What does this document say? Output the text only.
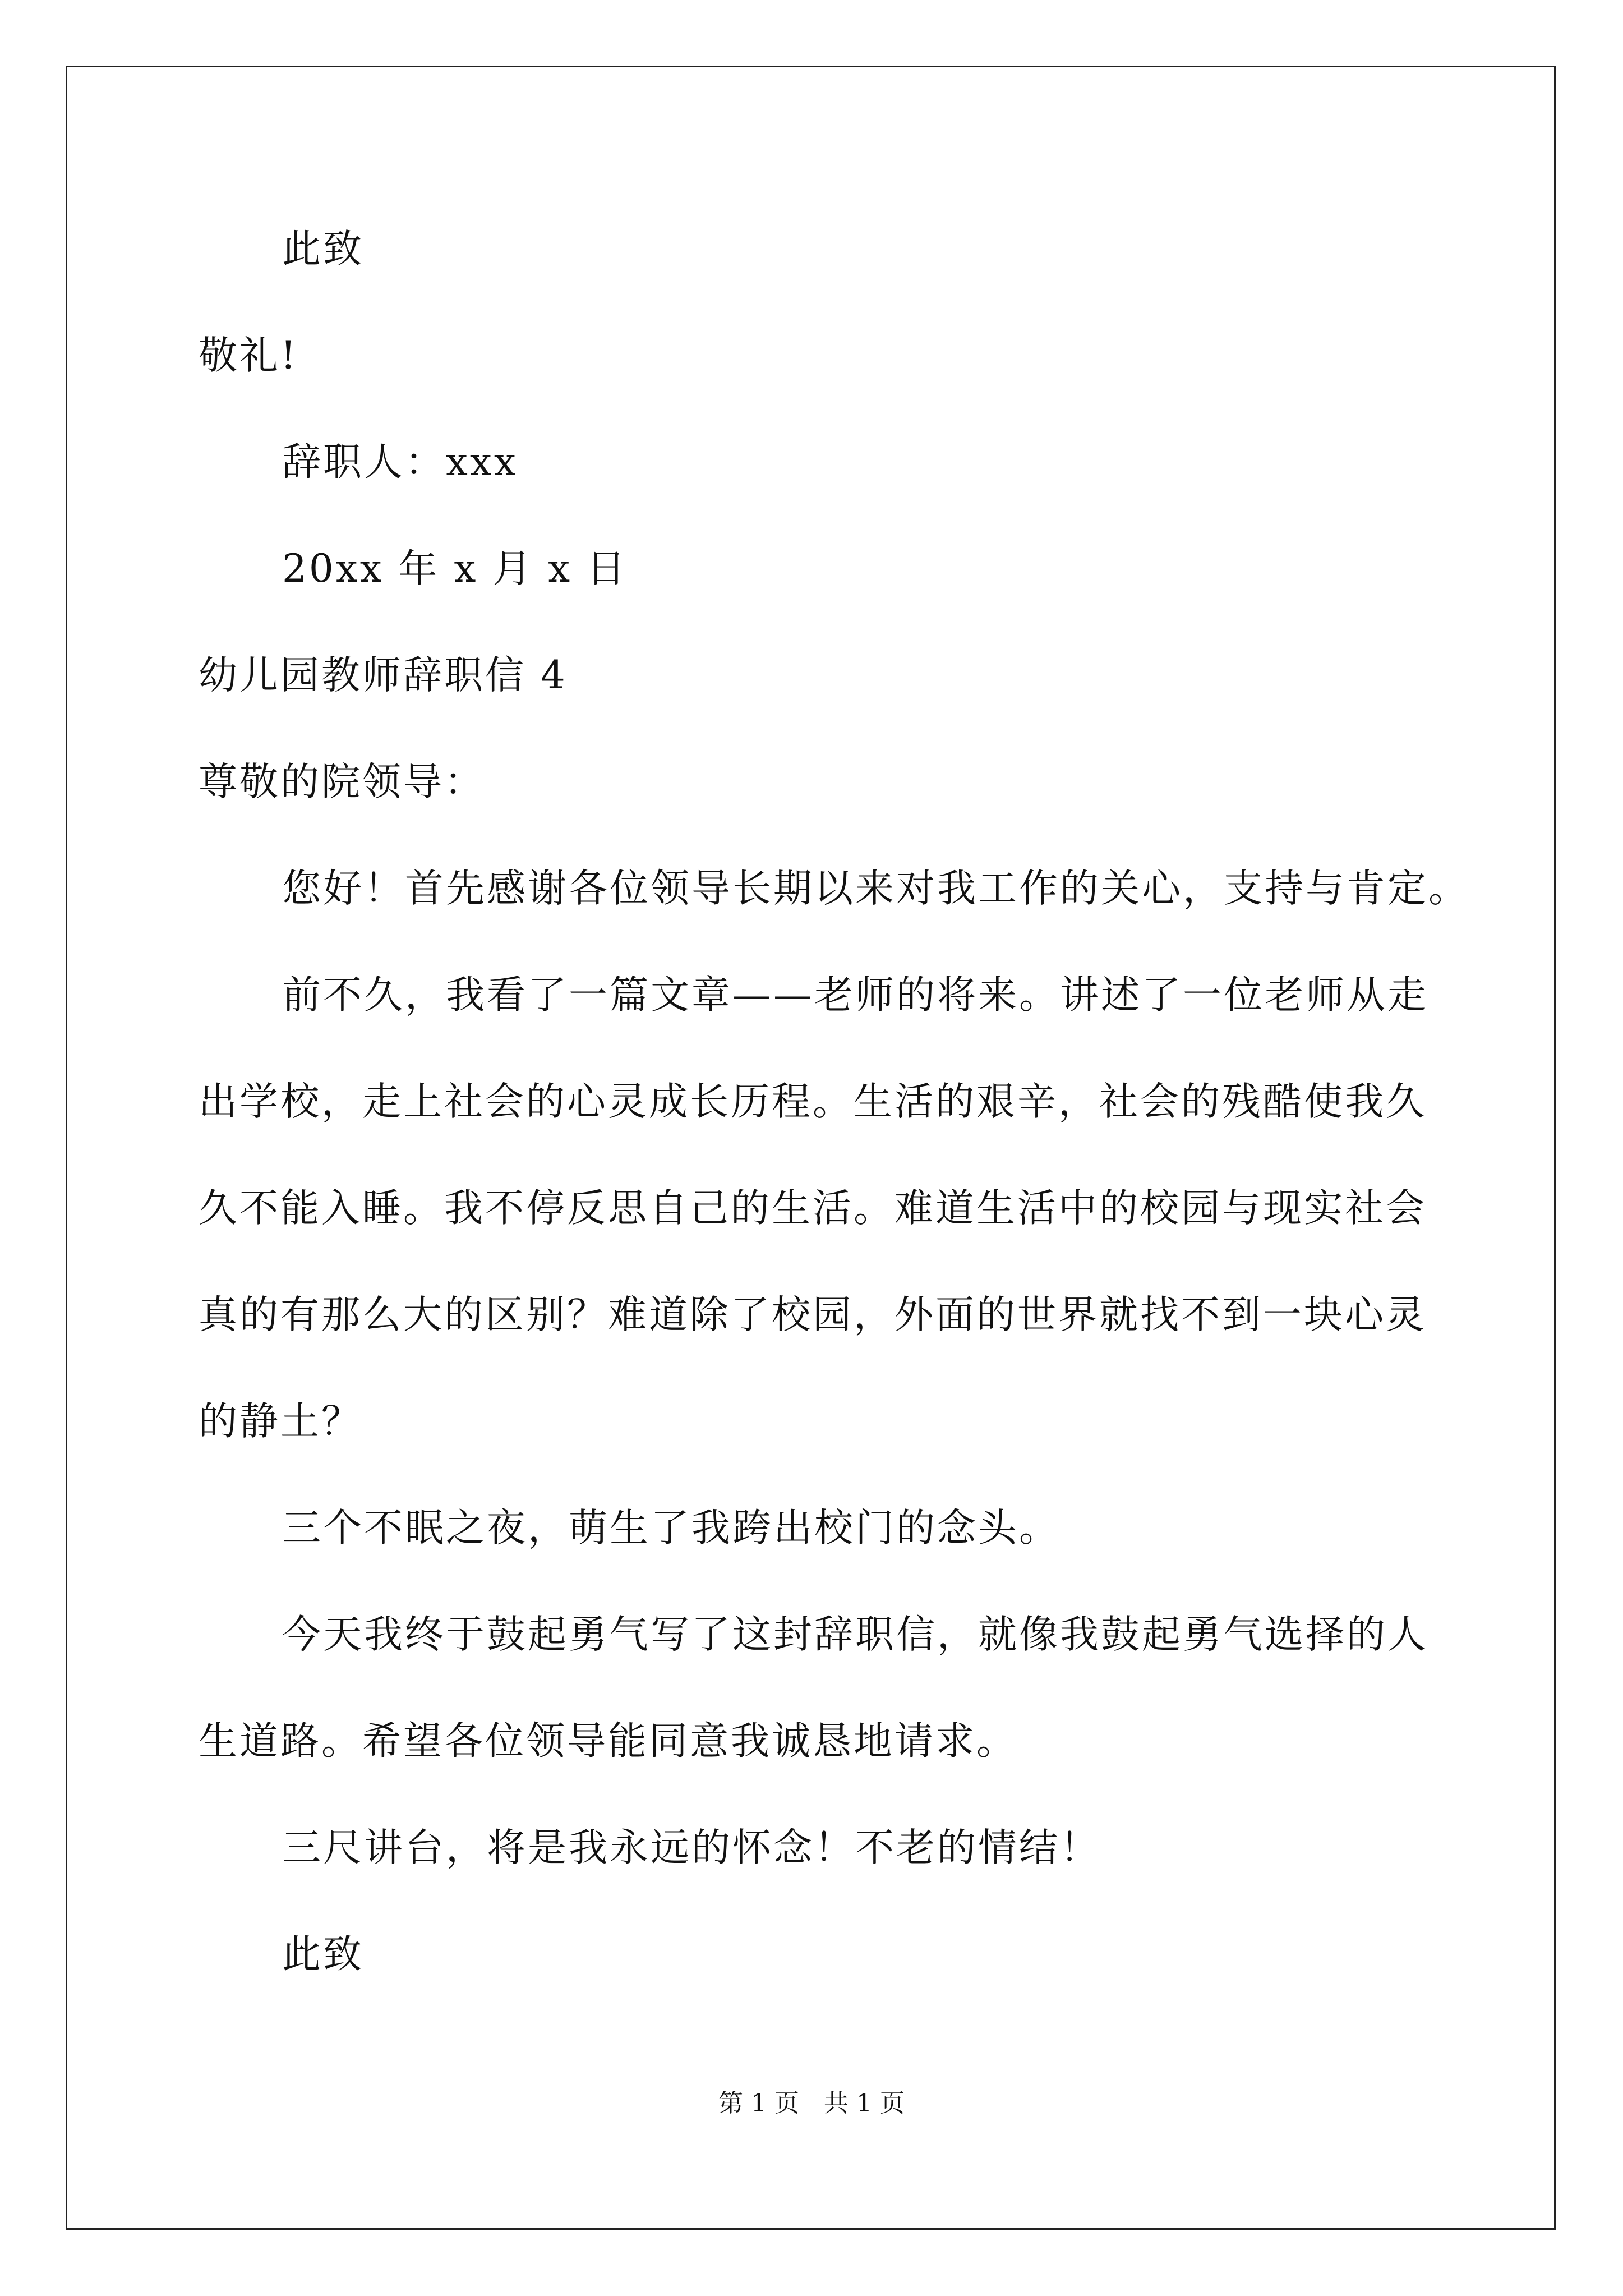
此致
敬礼!
辞职人：xxx
20xx 年 x 月 x 日
幼儿园教师辞职信 4
尊敬的院领导：
您好！首先感谢各位领导长期以来对我工作的关心，支持与肯定。
前不久，我看了一篇文章——老师的将来。讲述了一位老师从走
出学校，走上社会的心灵成长历程。生活的艰辛，社会的残酷使我久
久不能入睡。我不停反思自己的生活。难道生活中的校园与现实社会
真的有那么大的区别？难道除了校园，外面的世界就找不到一块心灵
的静土？
三个不眠之夜，萌生了我跨出校门的念头。
今天我终于鼓起勇气写了这封辞职信，就像我鼓起勇气选择的人
生道路。希望各位领导能同意我诚恳地请求。
三尺讲台，将是我永远的怀念！不老的情结！
此致
第 1 页　共 1 页
